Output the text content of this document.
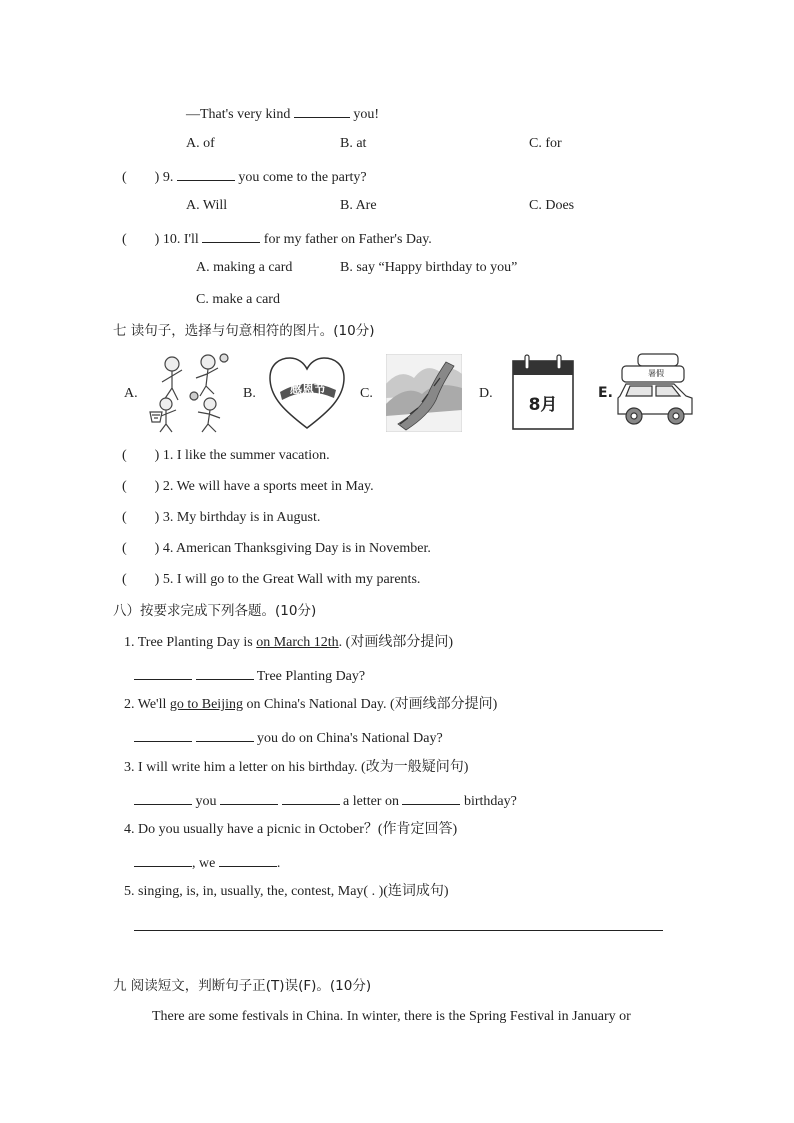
—That's very kind	you!
A. of	B. at	C. for
(　　) 9.	you come to the party?
A. Will	B. Are	C. Does
(　　) 10. I'll	for my father on Father's Day.
A. making a card	B. say “Happy birthday to you”
C. make a card
七 读句子，选择与句意相符的图片。(10分)
A.	B.	感恩节	C.	D.
8月
E.
暑假
(　　) 1. I like the summer vacation.
(　　) 2. We will have a sports meet in May.
(　　) 3. My birthday is in August.
(　　) 4. American Thanksgiving Day is in November.
(　　) 5. I will go to the Great Wall with my parents.
八）按要求完成下列各题。(10分)
1. Tree Planting Day is on March 12th. (对画线部分提问)
Tree Planting Day?
2. We'll go to Beijing on China's National Day. (对画线部分提问)
you do on China's National Day?
3. I will write him a letter on his birthday. (改为一般疑问句)
you	a letter on	birthday?
4. Do you usually have a picnic in October？(作肯定回答)
, we	.
5. singing, is, in, usually, the, contest, May( . )(连词成句)
九 阅读短文，判断句子正(T)误(F)。(10分)
There are some festivals in China. In winter, there is the Spring Festival in January or
